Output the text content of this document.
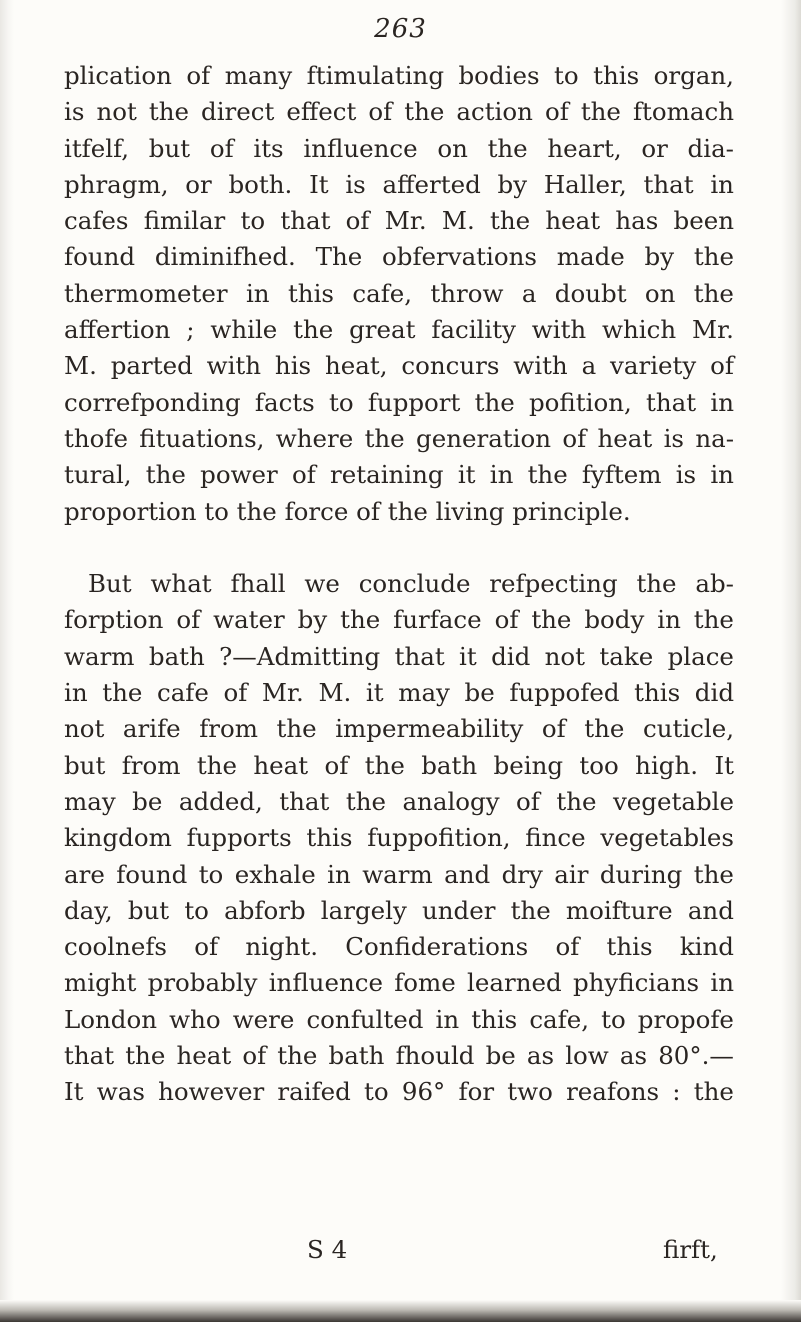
263
plication of many ftimulating bodies to this organ,
is not the direct effect of the action of the ftomach
itfelf, but of its influence on the heart, or dia-
phragm, or both. It is afferted by Haller, that in
cafes fimilar to that of Mr. M. the heat has been
found diminifhed. The obfervations made by the
thermometer in this cafe, throw a doubt on the
affertion ; while the great facility with which Mr.
M. parted with his heat, concurs with a variety of
correfponding facts to fupport the pofition, that in
thofe fituations, where the generation of heat is na-
tural, the power of retaining it in the fyftem is in
proportion to the force of the living principle.
But what fhall we conclude refpecting the ab-
forption of water by the furface of the body in the
warm bath ?—Admitting that it did not take place
in the cafe of Mr. M. it may be fuppofed this did
not arife from the impermeability of the cuticle,
but from the heat of the bath being too high. It
may be added, that the analogy of the vegetable
kingdom fupports this fuppofition, fince vegetables
are found to exhale in warm and dry air during the
day, but to abforb largely under the moifture and
coolnefs of night. Confiderations of this kind
might probably influence fome learned phyficians in
London who were confulted in this cafe, to propofe
that the heat of the bath fhould be as low as 80°.—
It was however raifed to 96° for two reafons : the
S 4	firft,
